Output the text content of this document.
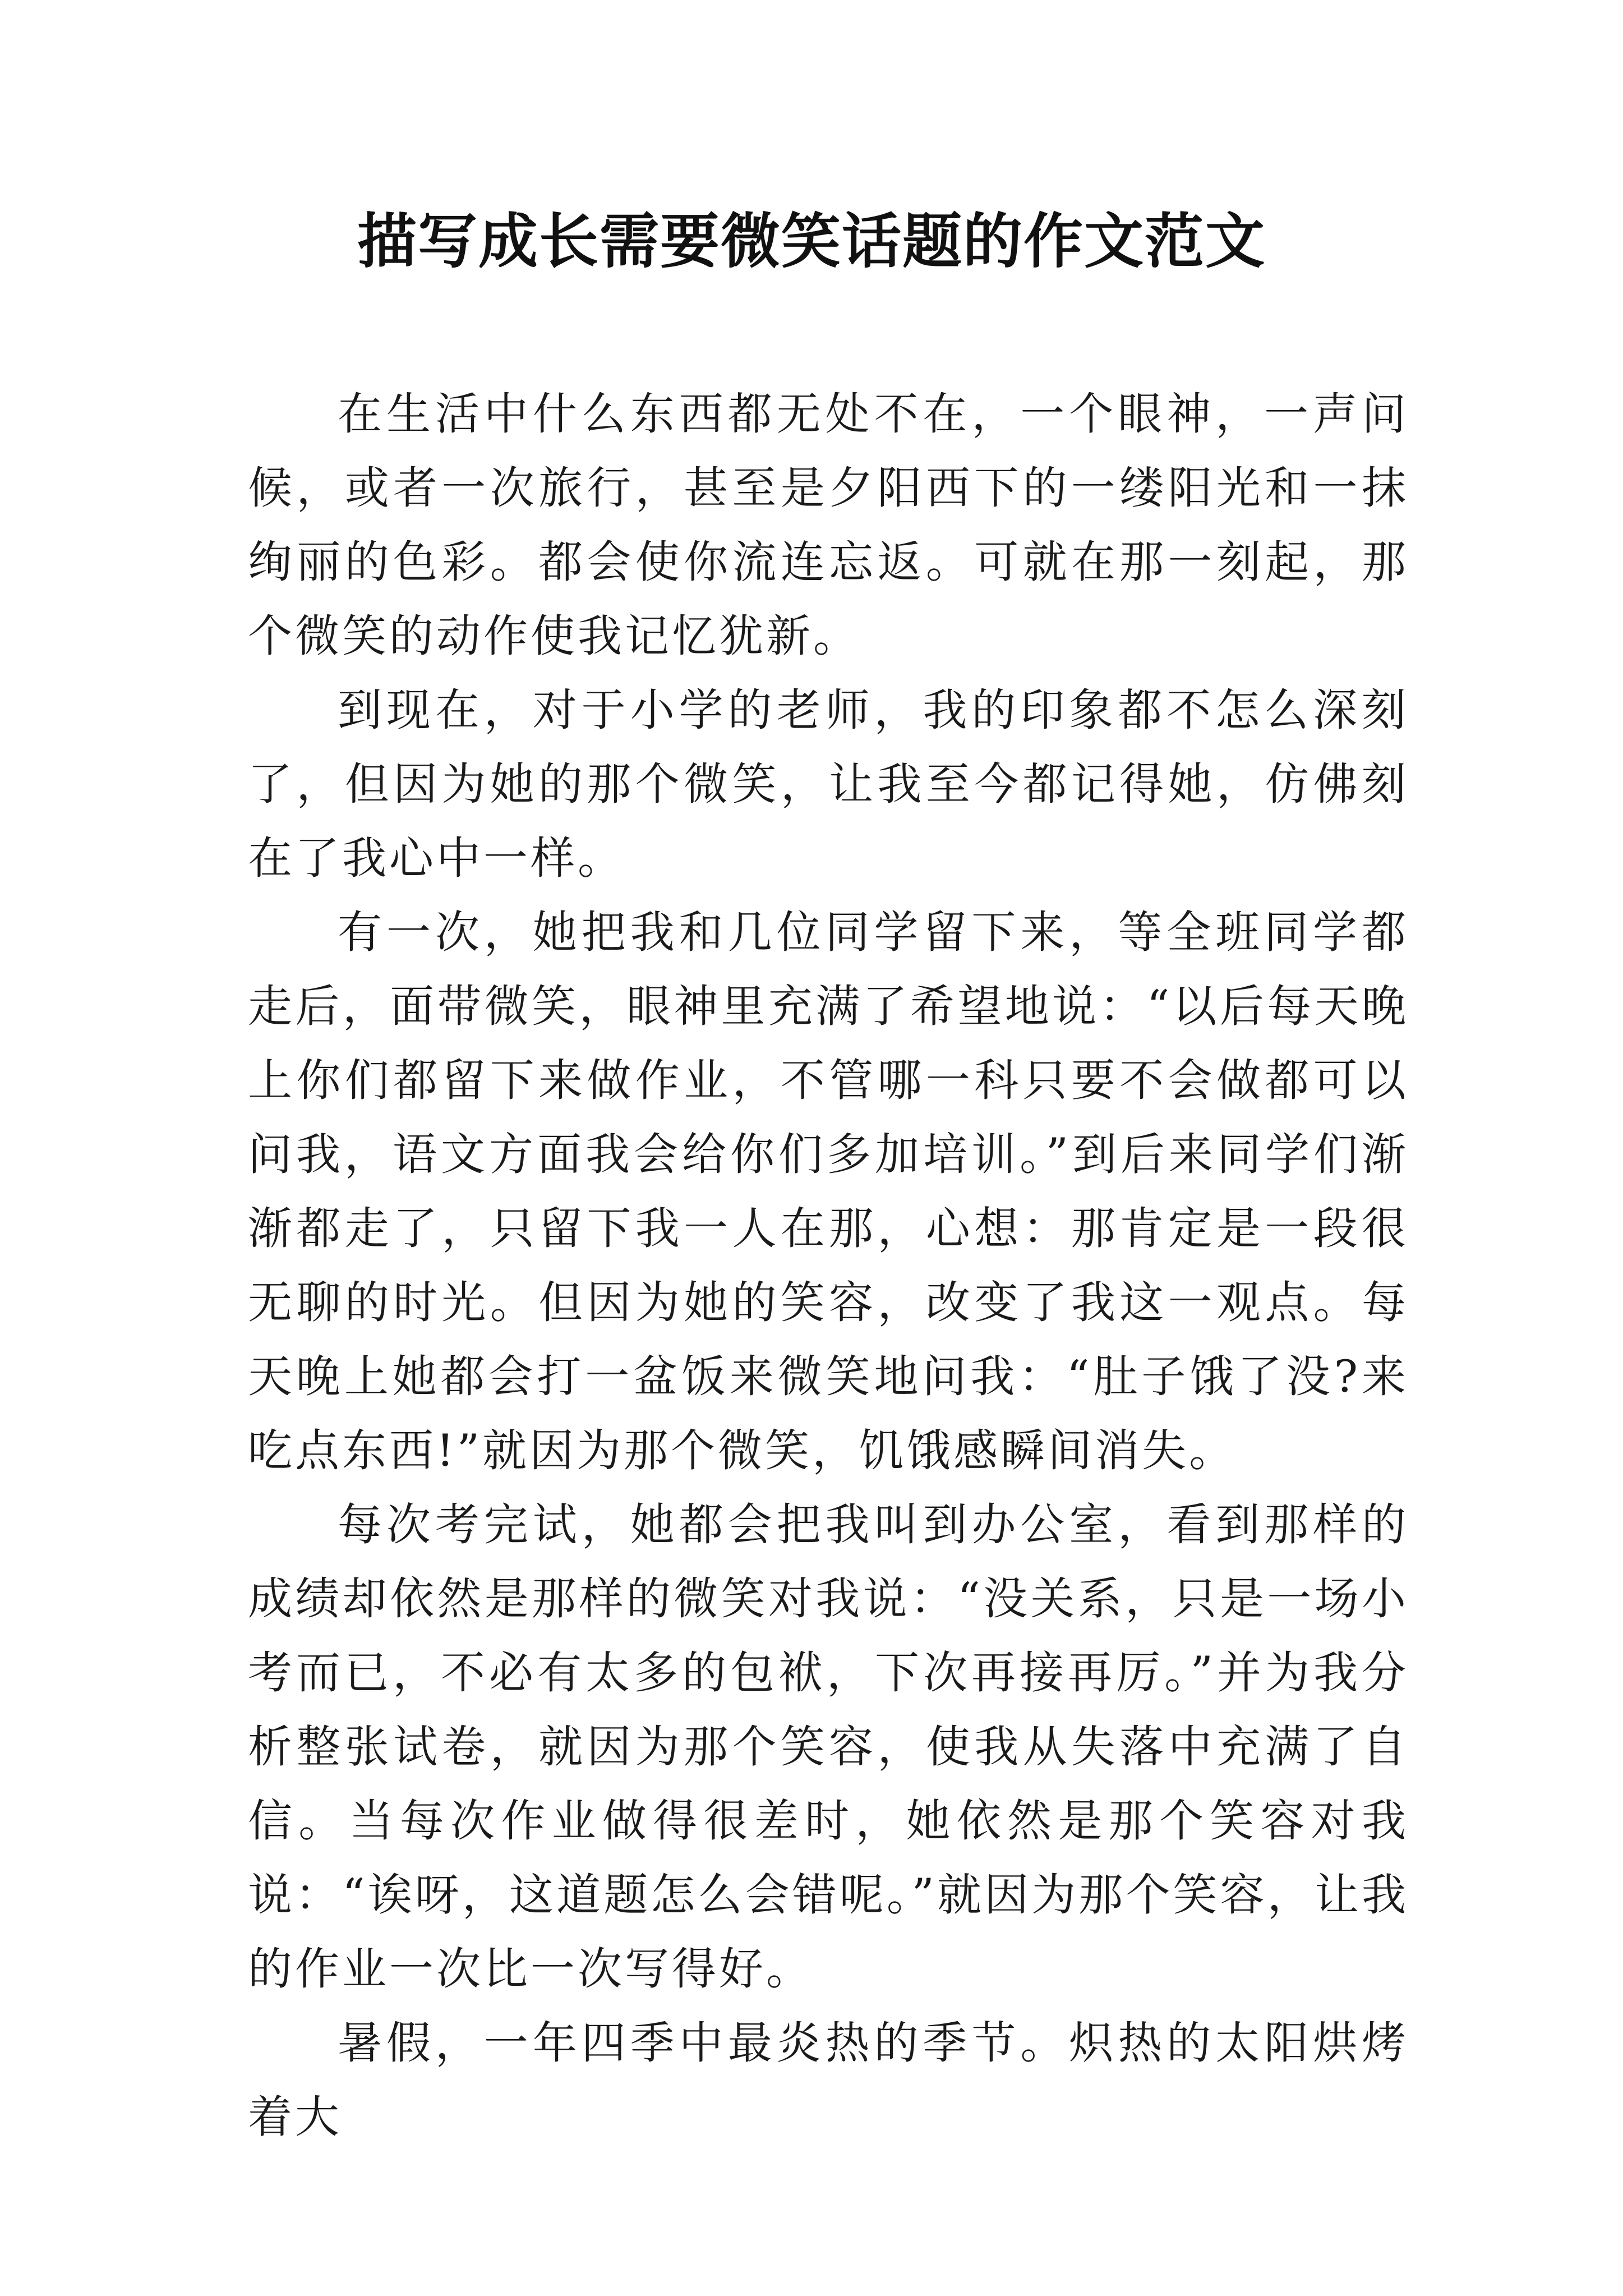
描写成长需要微笑话题的作文范文

在生活中什么东西都无处不在，一个眼神，一声问候，或者一次旅行，甚至是夕阳西下的一缕阳光和一抹绚丽的色彩。都会使你流连忘返。可就在那一刻起，那个微笑的动作使我记忆犹新。

到现在，对于小学的老师，我的印象都不怎么深刻了，但因为她的那个微笑，让我至今都记得她，仿佛刻在了我心中一样。

有一次，她把我和几位同学留下来，等全班同学都走后，面带微笑，眼神里充满了希望地说：“以后每天晚上你们都留下来做作业，不管哪一科只要不会做都可以问我，语文方面我会给你们多加培训。”到后来同学们渐渐都走了，只留下我一人在那，心想：那肯定是一段很无聊的时光。但因为她的笑容，改变了我这一观点。每天晚上她都会打一盆饭来微笑地问我：“肚子饿了没?来吃点东西!”就因为那个微笑，饥饿感瞬间消失。

每次考完试，她都会把我叫到办公室，看到那样的成绩却依然是那样的微笑对我说：“没关系，只是一场小考而已，不必有太多的包袱，下次再接再厉。”并为我分析整张试卷，就因为那个笑容，使我从失落中充满了自信。当每次作业做得很差时，她依然是那个笑容对我说：“诶呀，这道题怎么会错呢。”就因为那个笑容，让我的作业一次比一次写得好。

暑假，一年四季中最炎热的季节。炽热的太阳烘烤着大
